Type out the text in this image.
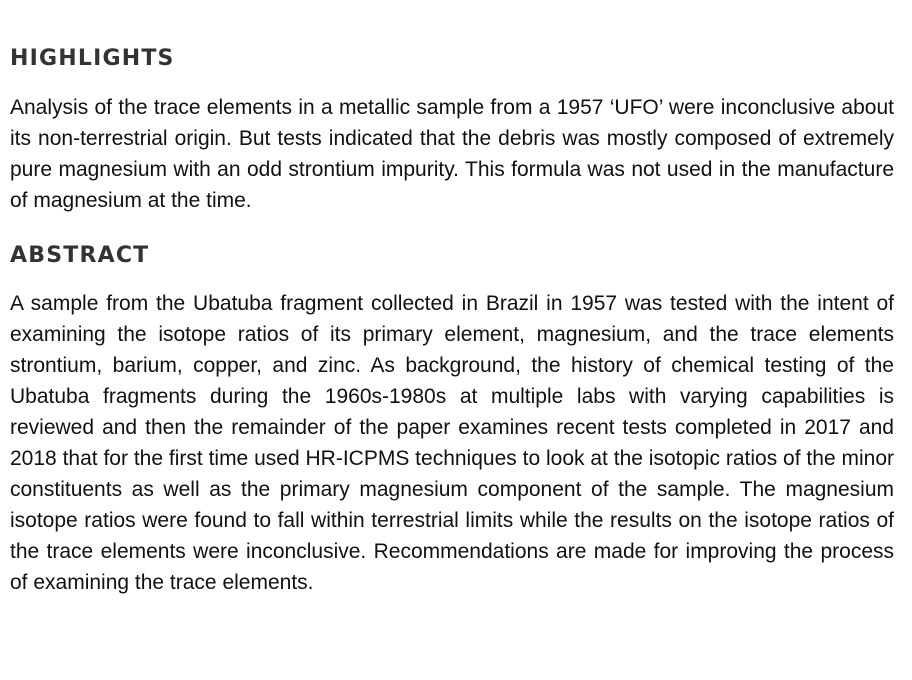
HIGHLIGHTS

Analysis of the trace elements in a metallic sample from a 1957 ‘UFO’ were inconclusive about its non-terrestrial origin. But tests indicated that the debris was mostly composed of extremely pure magnesium with an odd strontium impurity. This formula was not used in the manufacture of magnesium at the time.

ABSTRACT

A sample from the Ubatuba fragment collected in Brazil in 1957 was tested with the intent of examining the isotope ratios of its primary element, magnesium, and the trace elements strontium, barium, copper, and zinc. As background, the history of chemical testing of the Ubatuba fragments during the 1960s-1980s at multiple labs with varying capabilities is reviewed and then the remainder of the paper examines recent tests completed in 2017 and 2018 that for the first time used HR-ICPMS techniques to look at the isotopic ratios of the minor constituents as well as the primary magnesium component of the sample. The magnesium isotope ratios were found to fall within terrestrial limits while the results on the isotope ratios of the trace elements were inconclusive. Recommendations are made for improving the process of examining the trace elements.
